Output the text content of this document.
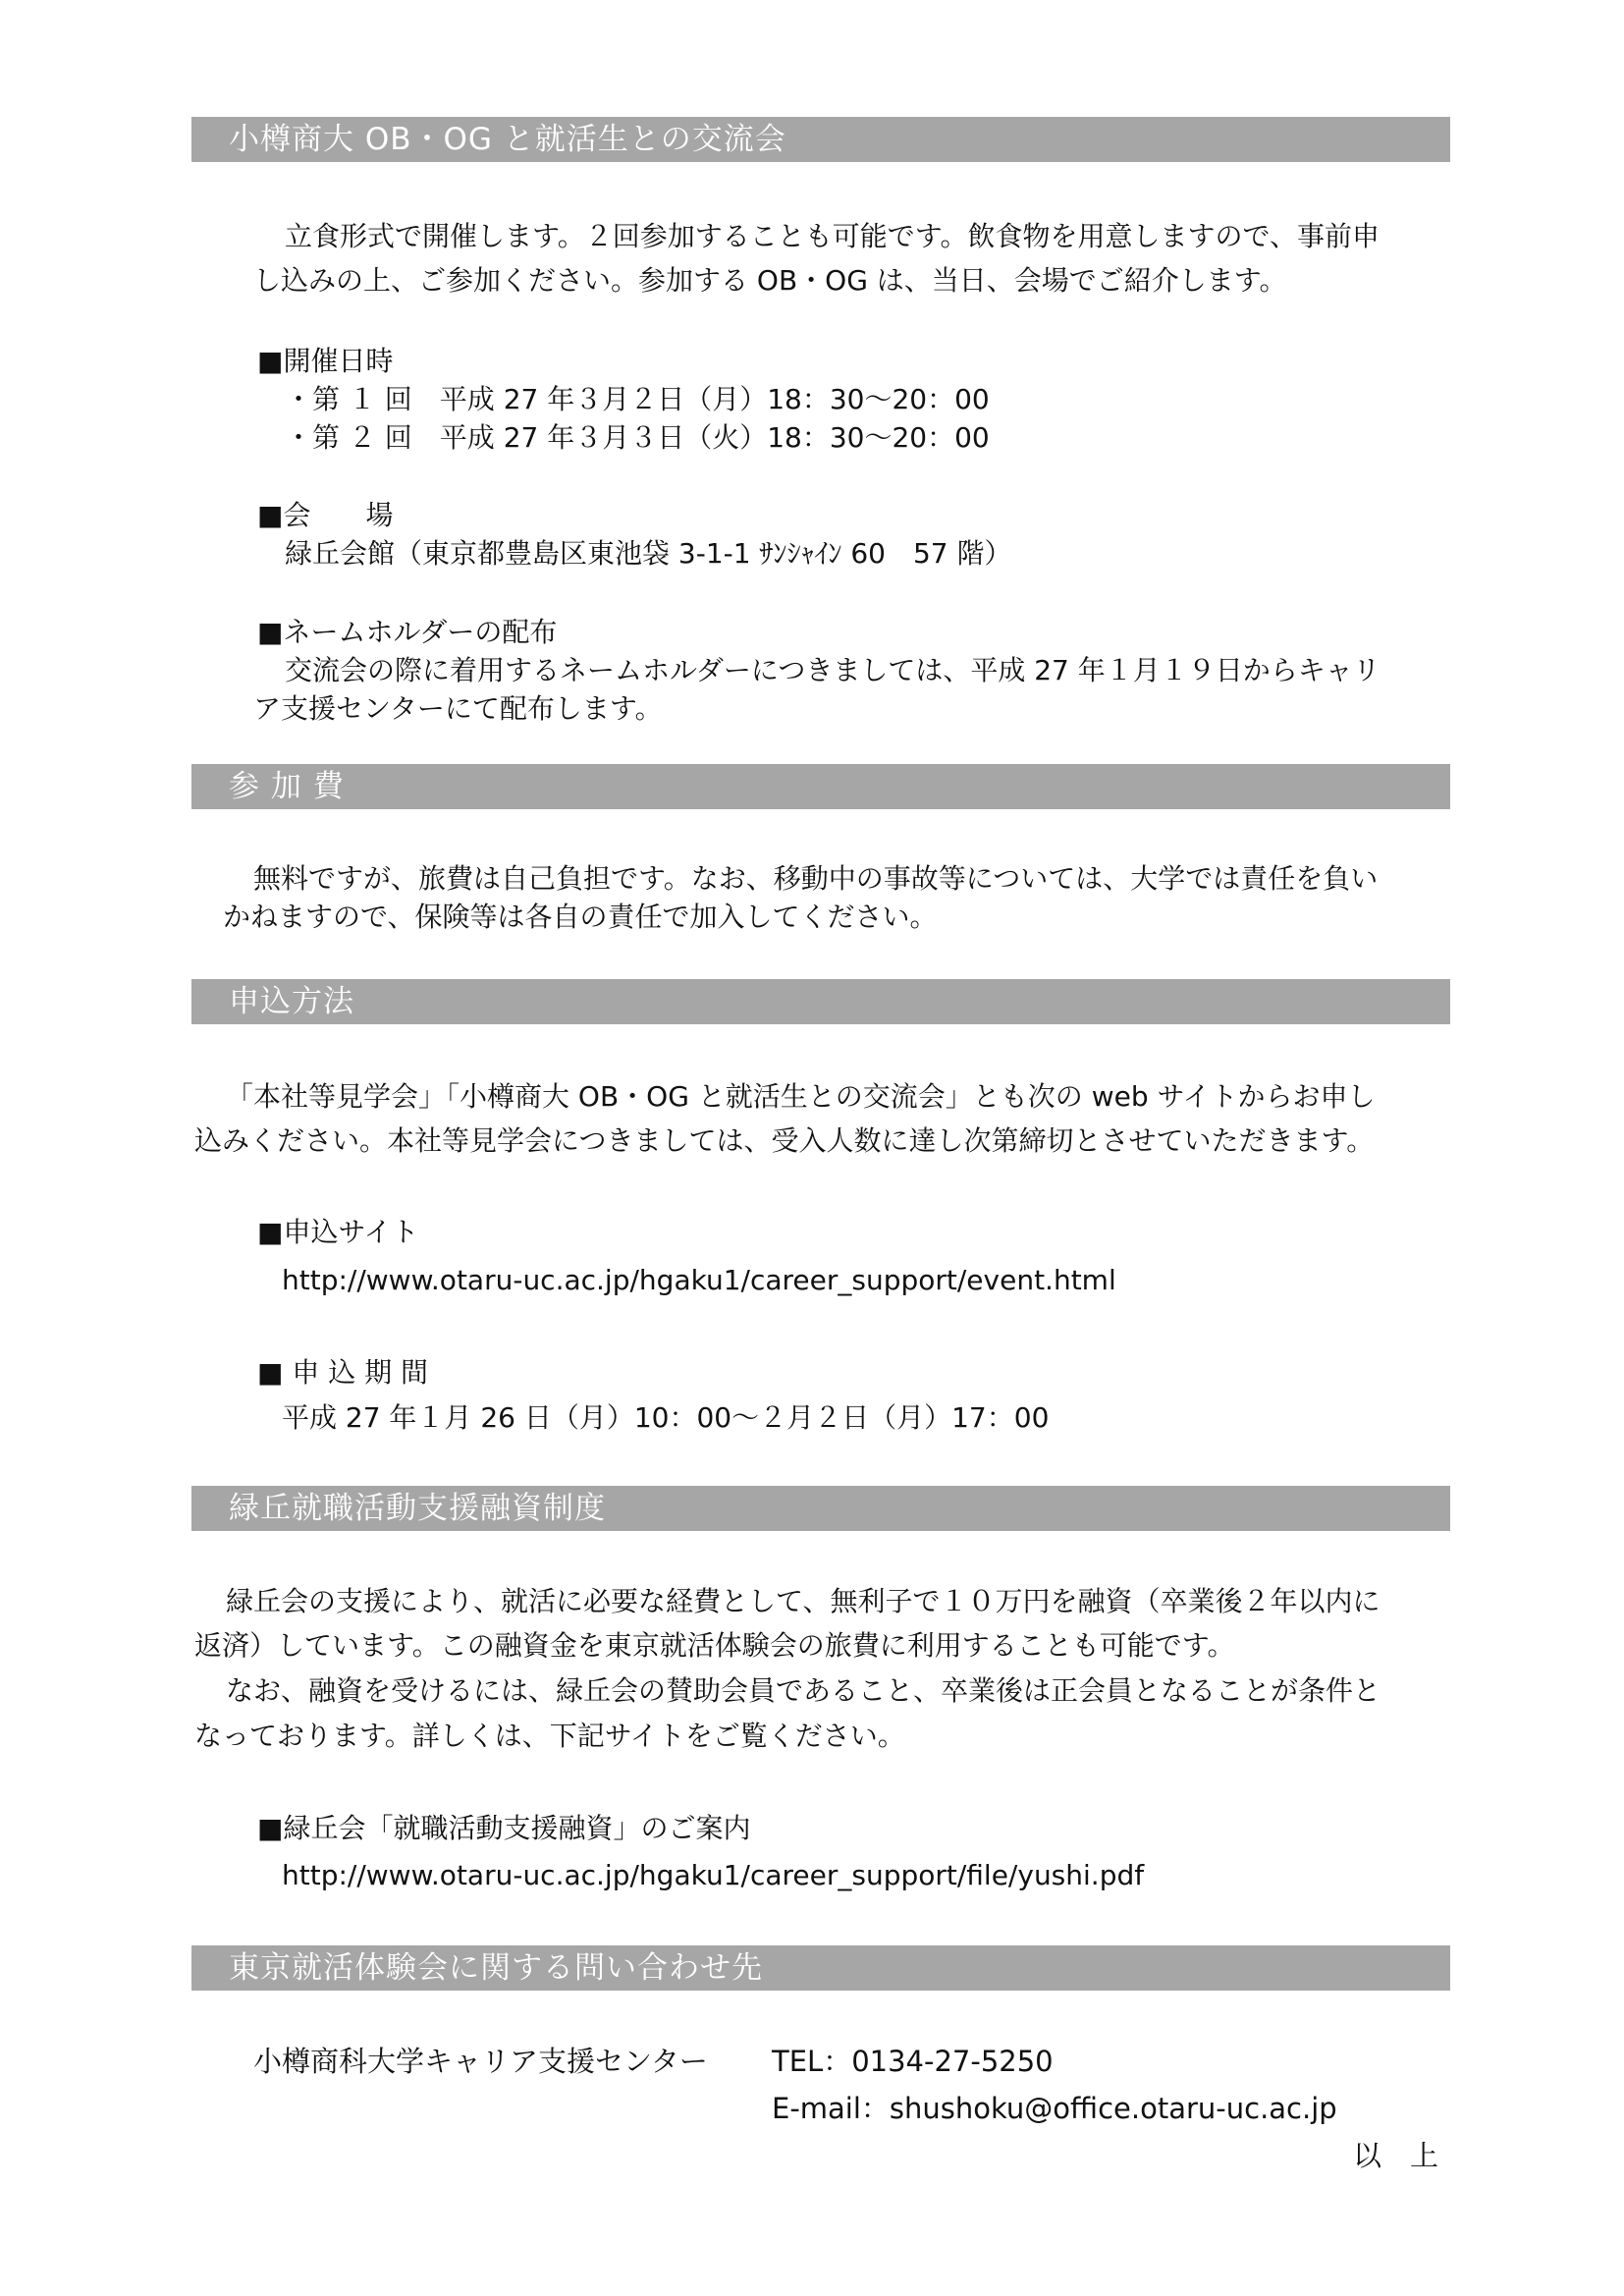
小樽商大 OB・OG と就活生との交流会
立食形式で開催します。２回参加することも可能です。飲食物を用意しますので、事前申
し込みの上、ご参加ください。参加する OB・OG は、当日、会場でご紹介します。
■開催日時
・第 １ 回　平成 27 年３月２日（月）18：30～20：00
・第 ２ 回　平成 27 年３月３日（火）18：30～20：00
■会　　場
緑丘会館（東京都豊島区東池袋 3-1-1 ｻﾝｼｬｲﾝ 60　57 階）
■ネームホルダーの配布
交流会の際に着用するネームホルダーにつきましては、平成 27 年１月１９日からキャリ
ア支援センターにて配布します。
参 加 費
無料ですが、旅費は自己負担です。なお、移動中の事故等については、大学では責任を負い
かねますので、保険等は各自の責任で加入してください。
申込方法
「本社等見学会」「小樽商大 OB・OG と就活生との交流会」とも次の web サイトからお申し
込みください。本社等見学会につきましては、受入人数に達し次第締切とさせていただきます。
■申込サイト
http://www.otaru-uc.ac.jp/hgaku1/career_support/event.html
■ 申 込 期 間
平成 27 年１月 26 日（月）10：00～２月２日（月）17：00
緑丘就職活動支援融資制度
緑丘会の支援により、就活に必要な経費として、無利子で１０万円を融資（卒業後２年以内に
返済）しています。この融資金を東京就活体験会の旅費に利用することも可能です。
なお、融資を受けるには、緑丘会の賛助会員であること、卒業後は正会員となることが条件と
なっております。詳しくは、下記サイトをご覧ください。
■緑丘会「就職活動支援融資」のご案内
http://www.otaru-uc.ac.jp/hgaku1/career_support/file/yushi.pdf
東京就活体験会に関する問い合わせ先
小樽商科大学キャリア支援センター TEL：0134-27-5250
E-mail：shushoku@office.otaru-uc.ac.jp
以　上
